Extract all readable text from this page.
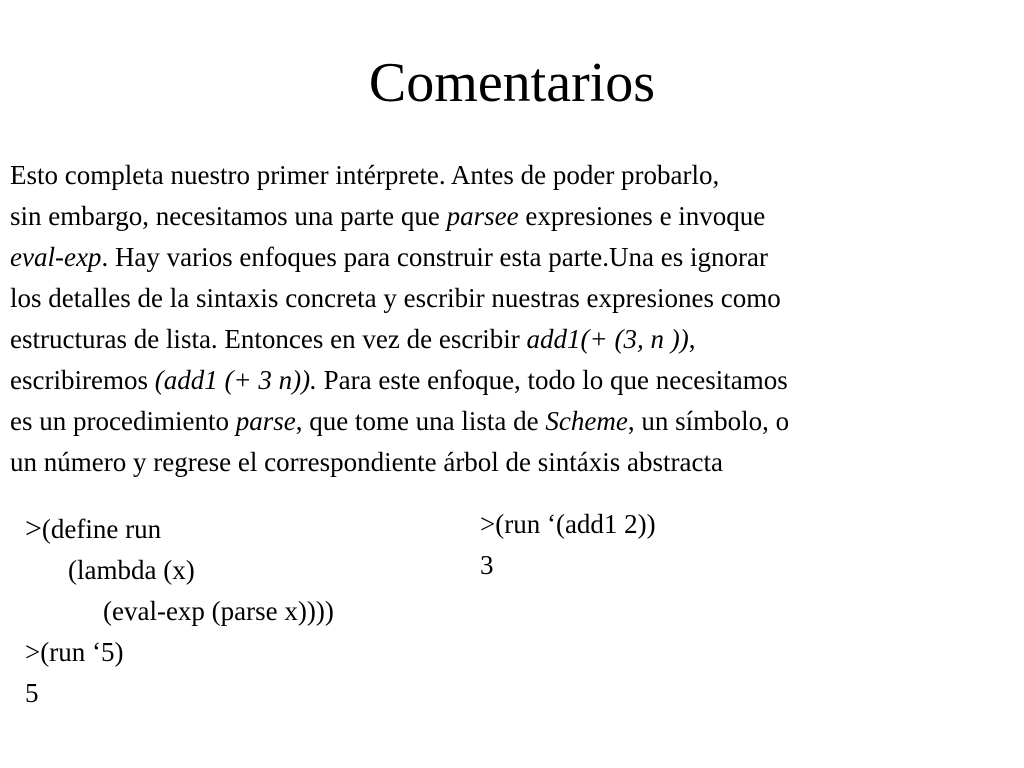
Comentarios
Esto completa nuestro primer intérprete. Antes de poder probarlo,
sin embargo, necesitamos una parte que parsee expresiones e invoque
eval-exp. Hay varios enfoques para construir esta parte.Una es ignorar
los detalles de la sintaxis concreta y escribir nuestras expresiones como
estructuras de lista. Entonces en vez de escribir add1(+ (3, n )),
escribiremos (add1 (+ 3 n)). Para este enfoque, todo lo que necesitamos
es un procedimiento parse, que tome una lista de Scheme, un símbolo, o
un número y regrese el correspondiente árbol de sintáxis abstracta
>(define run
(lambda (x)
(eval-exp (parse x))))
>(run ‘5)
5
>(run ‘(add1 2))
3
